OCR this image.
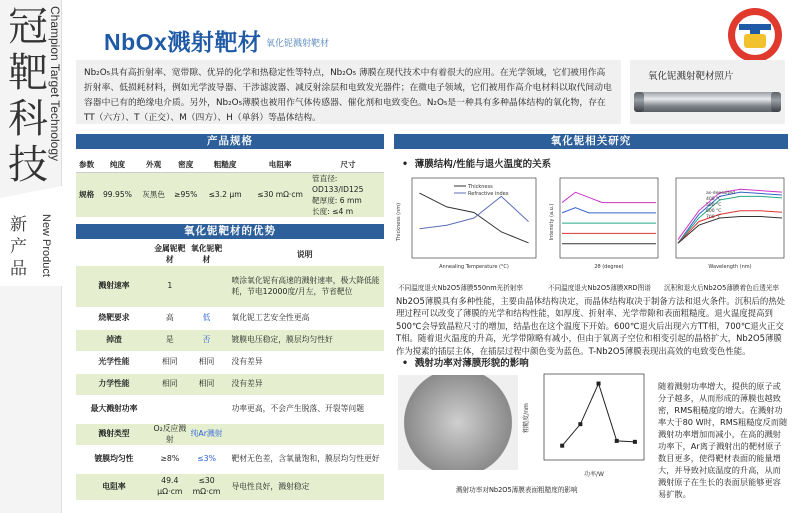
冠靶科技
Champion Target Technology
新产品	New Product
NbOx溅射靶材 氧化铌溅射靶材
Nb₂O₅具有高折射率、宽带隙、优异的化学和热稳定性等特点，Nb₂O₅ 薄膜在现代技术中有着很大的应用。在光学领域，它们被用作高折射率、低损耗材料，例如光学波导器、干涉滤波器、减反射涂层和电致发光器件；在微电子领域，它们被用作高介电材料以取代间动电容器中已有的绝缘电介质。另外，Nb₂O₅薄膜也被用作气体传感器、催化剂和电致变色。N₂O₅是一种具有多种晶体结构的氧化物，存在TT（六方）、T（正交）、M（四方）、H（单斜）等晶体结构。
氧化铌溅射靶材照片
产品规格
参数	纯度	外观	密度	粗糙度	电阻率	尺寸
规格	99.95%	灰黑色	≥95%	≤3.2 μm	≤30 mΩ·cm	管直径:
OD133/ID125
靶厚度: 6 mm
长度: ≤4 m
氧化铌靶材的优势
	金属铌靶材	氧化铌靶材	说明
溅射速率	1		喷涂氧化铌有高速的溅射速率，极大降低能耗，节电12000度/月左，节省靶位
烧靶要求	高	低	氧化铌工艺安全性更高
掉渣	是	否	镀膜电压稳定，膜层均匀性好
光学性能	相同	相同	没有差异
力学性能	相同	相同	没有差异
最大溅射功率			功率更高，不会产生脱落、开裂等问题
溅射类型	O₂反应溅射	纯Ar溅射	
镀膜均匀性	≥8%	≤3%	靶材无色差，含氧量饱和，膜层均匀性更好
电阻率	49.4 μΩ·cm	≤30 mΩ·cm	导电性良好，溅射稳定
氧化铌相关研究
•  薄膜结构/性能与退火温度的关系
Thickness
Refractive index
Annealing Temperature (°C)
Thickness (nm)
2θ (degree)
Intensity (a.u.)
as-deposited
400 °C
500 °C
600 °C
700 °C
Wavelength (nm)
不同温度退火Nb2O5薄膜550nm光折射率	不同温度退火Nb2O5薄膜XRD图谱 沉积和退火后Nb2O5薄膜着色后透光率
Nb2O5薄膜具有多种性能，主要由晶体结构决定，而晶体结构取决于制备方法和退火条件。沉积后的热处理过程可以改变了薄膜的光学和结构性能，如厚度、折射率、光学带隙和表面粗糙度。退火温度提高到500℃会导致晶粒尺寸的增加，结晶也在这个温度下开始。600℃退火后出现六方TT相，700℃退火正交T相。随着退火温度的升高，光学带隙略有减小，但由于氧离子空位和相变引起的晶格扩大，Nb2O5薄膜作为搅素的插层主体，在插层过程中颜色变为蓝色。T-Nb2O5薄膜表现出高效的电致变色性能。
•  溅射功率对薄膜形貌的影响
功率/W
粗糙度/nm
溅射功率对Nb2O5薄膜表面粗糙度的影响
随着溅射功率增大，提供的原子或分子越多，从而形成的薄膜也越致密，RMS粗糙度的增大。在溅射功率大于80 W时，RMS粗糙度反而随溅射功率增加而减小，在高的溅射功率下，Ar离子溅射出的靶材原子数目更多，使得靶材表面的能量增大，并导致衬底温度的升高，从而溅射原子在生长的表面层能够更容易扩散。
